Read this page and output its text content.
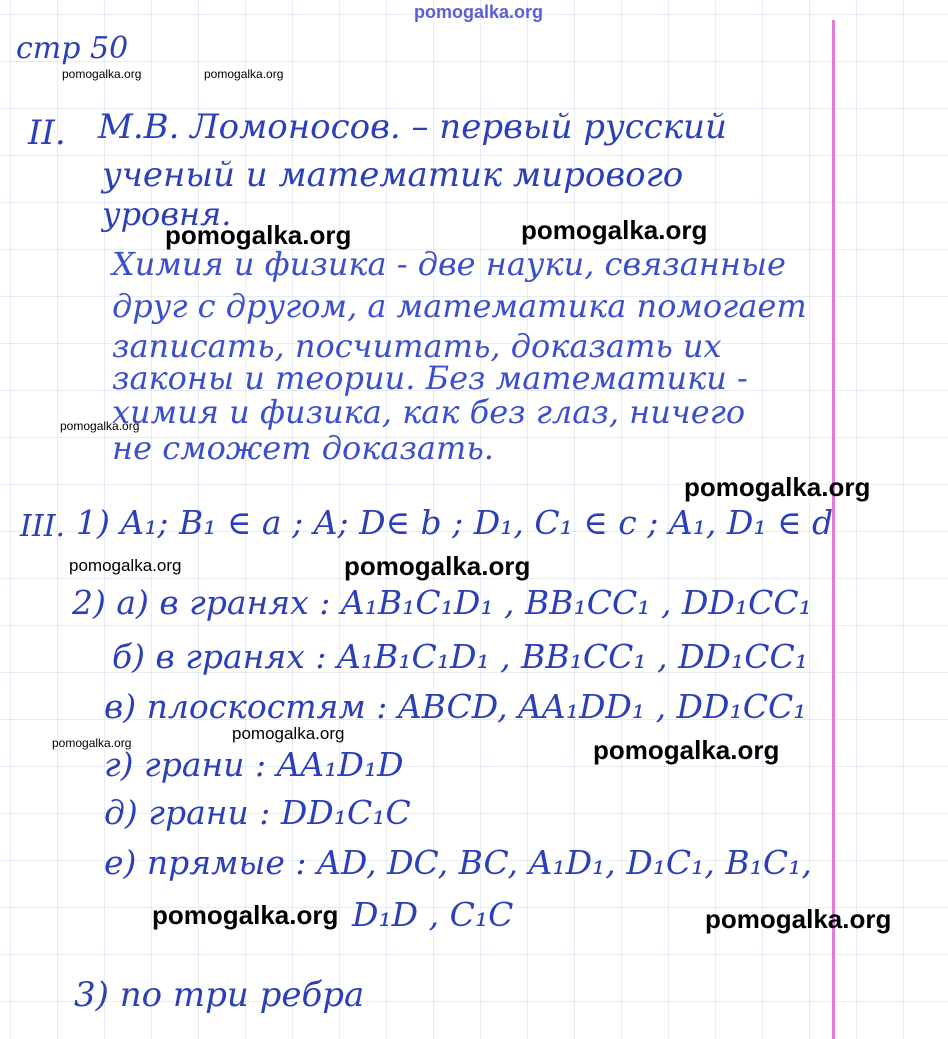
pomogalka.org
pomogalka.org	pomogalka.org
pomogalka.org	pomogalka.org
pomogalka.org
pomogalka.org
pomogalka.org	pomogalka.org
pomogalka.org	pomogalka.org
pomogalka.org
pomogalka.org	pomogalka.org
стр 50
II. М.В. Ломоносов. – первый русский
ученый и математик мирового
уровня.
Химия и физика - две науки, связанные
друг с другом, а математика помогает
записать, посчитать, доказать их
законы и теории. Без математики -
химия и физика, как без глаз, ничего
не сможет доказать.
III. 1) A₁; B₁ ∈ a ; A; D∈ b ; D₁, C₁ ∈ c ; A₁, D₁ ∈ d
2) а) в гранях : A₁B₁C₁D₁ , BB₁CC₁ , DD₁CC₁
б) в гранях : A₁B₁C₁D₁ , BB₁CC₁ , DD₁CC₁
в) плоскостям : ABCD, AA₁DD₁ , DD₁CC₁
г) грани : AA₁D₁D
д) грани : DD₁C₁C
е) прямые : AD, DC, BC, A₁D₁, D₁C₁, B₁C₁,
D₁D , C₁C
3) по три ребра
